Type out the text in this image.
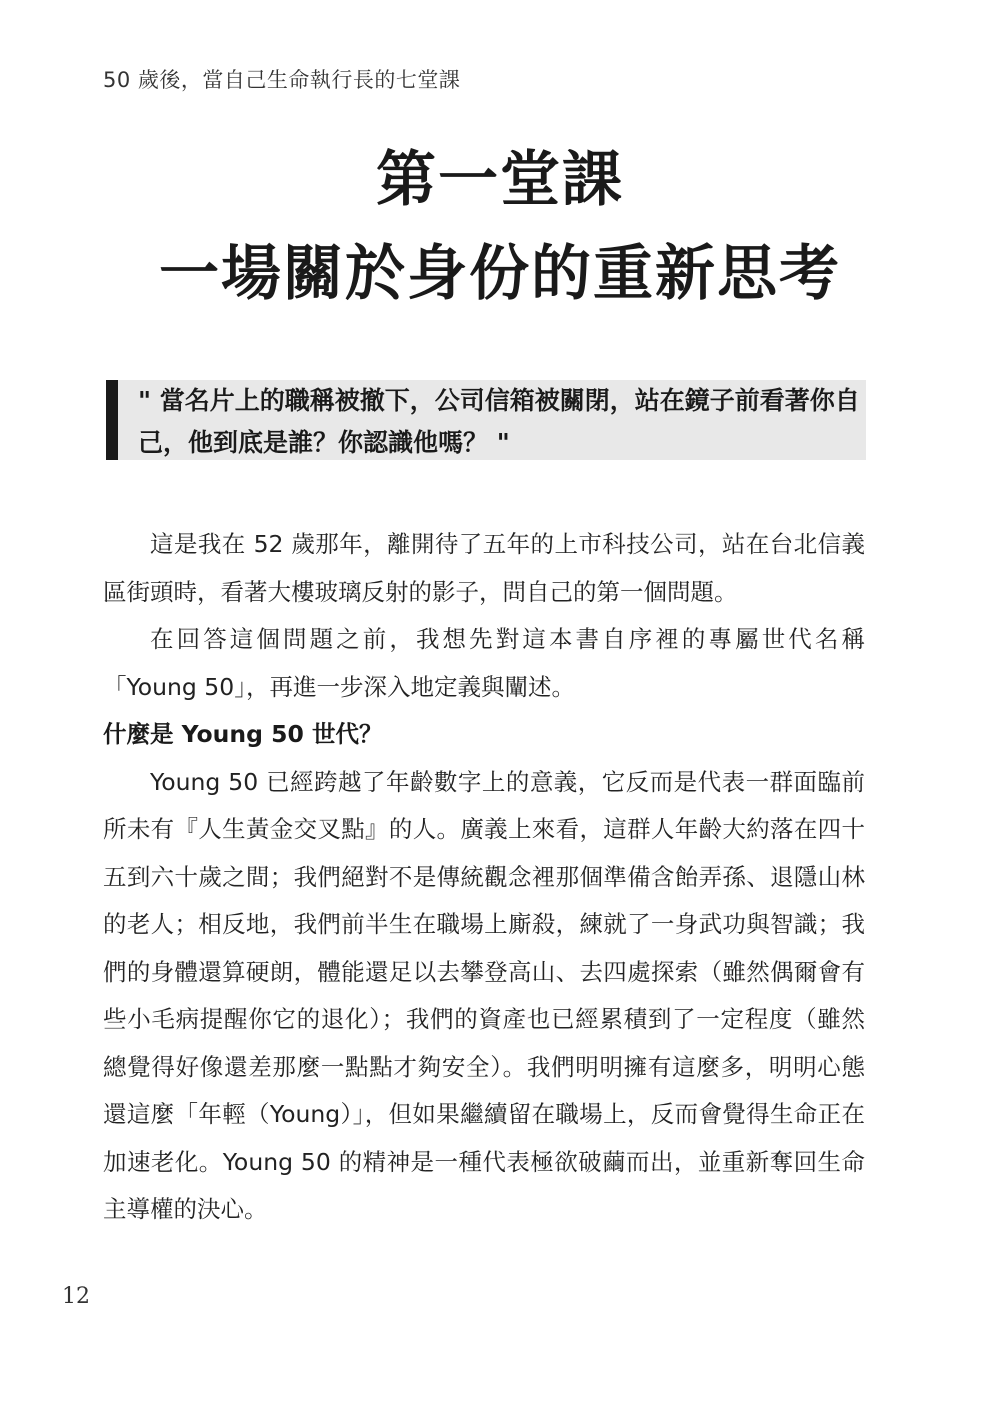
50 歲後，當自己生命執行長的七堂課
第一堂課
一場關於身份的重新思考
" 當名片上的職稱被撤下，公司信箱被關閉，站在鏡子前看著你自己，他到底是誰？你認識他嗎？ "

這是我在 52 歲那年，離開待了五年的上市科技公司，站在台北信義區街頭時，看著大樓玻璃反射的影子，問自己的第一個問題。

在回答這個問題之前，我想先對這本書自序裡的專屬世代名稱「Young 50」，再進一步深入地定義與闡述。

什麼是 Young 50 世代？

Young 50 已經跨越了年齡數字上的意義，它反而是代表一群面臨前所未有『人生黃金交叉點』的人。廣義上來看，這群人年齡大約落在四十五到六十歲之間；我們絕對不是傳統觀念裡那個準備含飴弄孫、退隱山林的老人；相反地，我們前半生在職場上廝殺，練就了一身武功與智識；我們的身體還算硬朗，體能還足以去攀登高山、去四處探索（雖然偶爾會有些小毛病提醒你它的退化）；我們的資產也已經累積到了一定程度（雖然總覺得好像還差那麼一點點才夠安全）。我們明明擁有這麼多，明明心態還這麼「年輕（Young）」，但如果繼續留在職場上，反而會覺得生命正在加速老化。Young 50 的精神是一種代表極欲破繭而出，並重新奪回生命主導權的決心。

12
